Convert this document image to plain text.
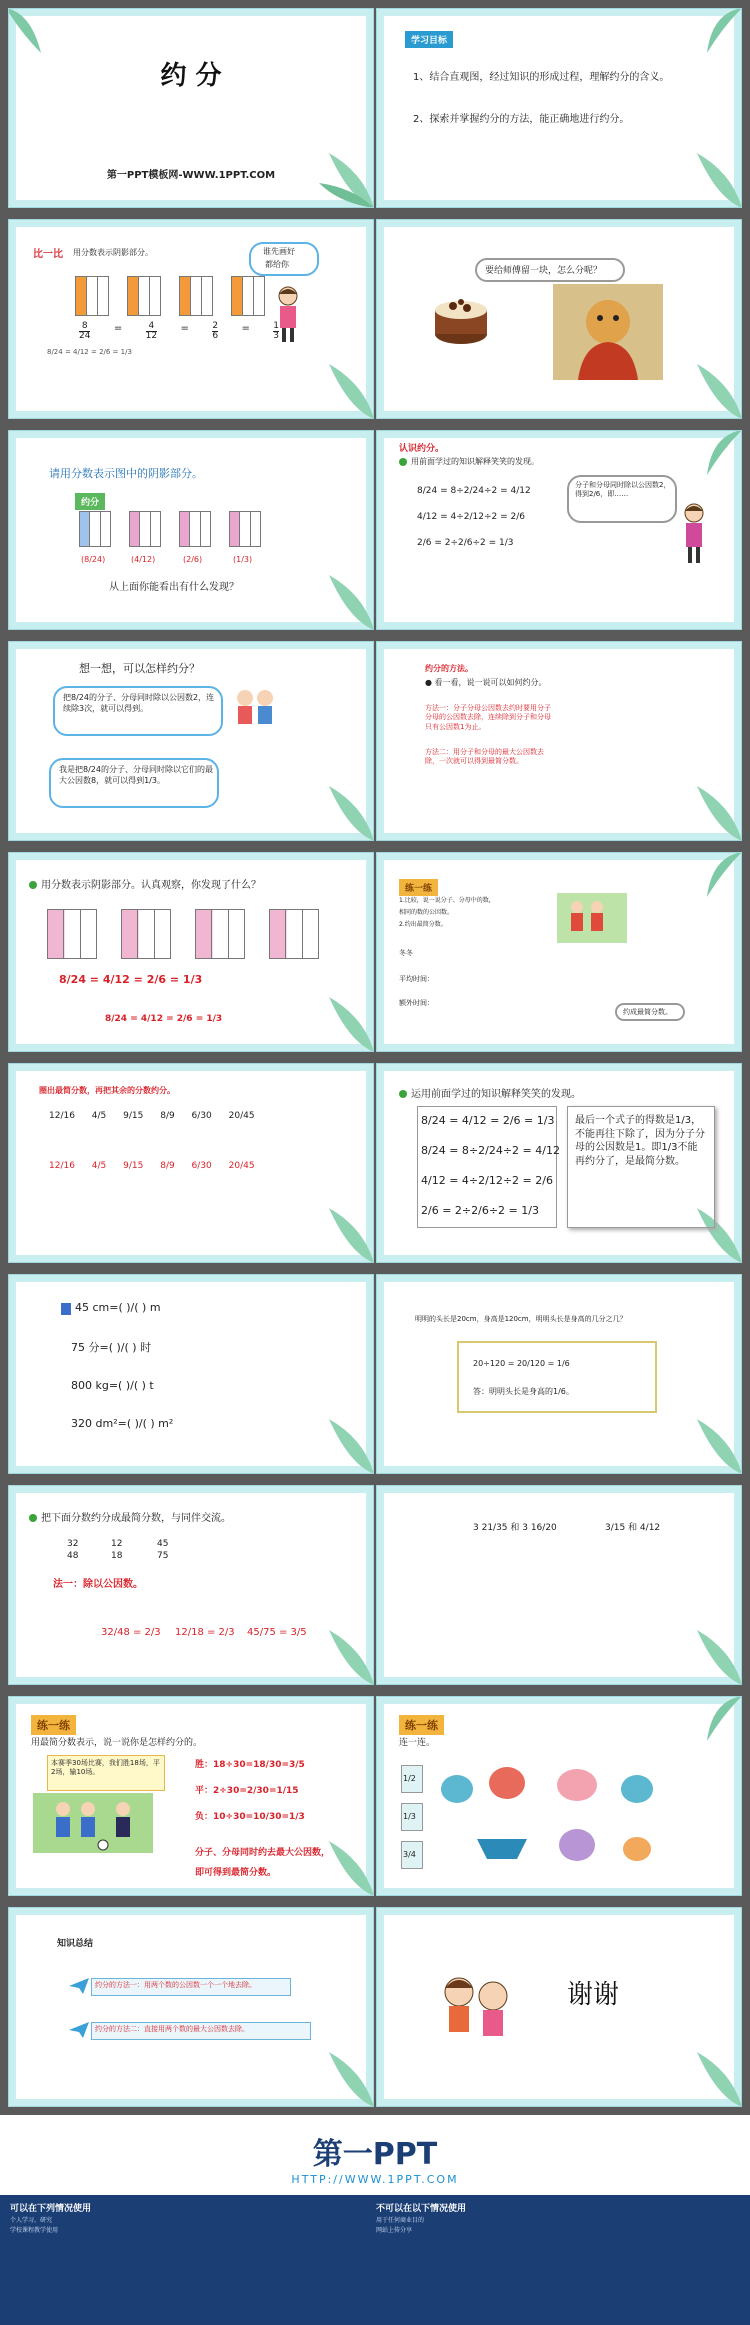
约 分
第一PPT模板网-WWW.1PPT.COM
学习目标
1、结合直观图，经过知识的形成过程，理解约分的含义。
2、探索并掌握约分的方法，能正确地进行约分。
比一比 用分数表示阴影部分。
$\frac{8}{24}$ =	$\frac{4}{12}$ =	$\frac{2}{6}$ =	$\frac{1}{3}$
8/24 = 4/12 = 2/6 = 1/3
谁先画好
都给你
要给师傅留一块，怎么分呢？
请用分数表示图中的阴影部分。
约分
(8/24)	(4/12)	(2/6)	(1/3)
从上面你能看出有什么发现？
认识约分。
用前面学过的知识解释笑笑的发现。
8/24 = 8÷2/24÷2 = 4/12
4/12 = 4÷2/12÷2 = 2/6
2/6 = 2÷2/6÷2 = 1/3
分子和分母同时除以公因数2，得到2/6，即……
想一想，可以怎样约分？
把8/24的分子、分母同时除以公因数2，连续除3次，就可以得到。
我是把8/24的分子、分母同时除以它们的最大公因数8，就可以得到1/3。
约分的方法。
● 看一看，说一说可以如何约分。
方法一：分子分母公因数去约时要用分子分母的公因数去除，连续除到分子和分母只有公因数1为止。
方法二：用分子和分母的最大公因数去除，一次就可以得到最简分数。
用分数表示阴影部分。认真观察，你发现了什么？
8/24 = 4/12 = 2/6 = 1/3
8/24 = 4/12 = 2/6 = 1/3
练一练
1.比较，说一说分子、分母中的数，
相同的数的公因数。
2.约出最简分数。
冬冬
平均时间：
额外时间：
约成最简分数。
圈出最简分数，再把其余的分数约分。
12/16 4/5 9/15 8/9 6/30 20/45
12/16 4/5 9/15 8/9 6/30 20/45
运用前面学过的知识解释笑笑的发现。
8/24 = 4/12 = 2/6 = 1/3
8/24 = 8÷2/24÷2 = 4/12
4/12 = 4÷2/12÷2 = 2/6
2/6 = 2÷2/6÷2 = 1/3
最后一个式子的得数是1/3，不能再往下除了，因为分子分母的公因数是1。即1/3不能再约分了，是最简分数。
45 cm=( )/( ) m
75 分=( )/( ) 时
800 kg=( )/( ) t
320 dm²=( )/( ) m²
明明的头长是20cm，身高是120cm，明明头长是身高的几分之几？
20÷120 = 20/120 = 1/6
答：明明头长是身高的1/6。
把下面分数约分成最简分数，与同伴交流。
32
48
12
18
45
75
法一：除以公因数。
32/48 = 2/3 12/18 = 2/3 45/75 = 3/5
3 21/35 和 3 16/20	3/15 和 4/12
练一练
用最简分数表示，说一说你是怎样约分的。
本赛季30场比赛，我们胜18场，平2场，输10场。
胜：18÷30=18/30=3/5
平：2÷30=2/30=1/15
负：10÷30=10/30=1/3
分子、分母同时约去最大公因数，
即可得到最简分数。
练一练
连一连。
1/2
1/3
3/4
知识总结
约分的方法一：用两个数的公因数一个一个地去除。
约分的方法二：直接用两个数的最大公因数去除。
谢谢
第一PPT
HTTP://WWW.1PPT.COM
可以在下列情况使用
个人学习、研究
学校课程教学使用
不可以在以下情况使用
用于任何商业目的
网站上传分享
